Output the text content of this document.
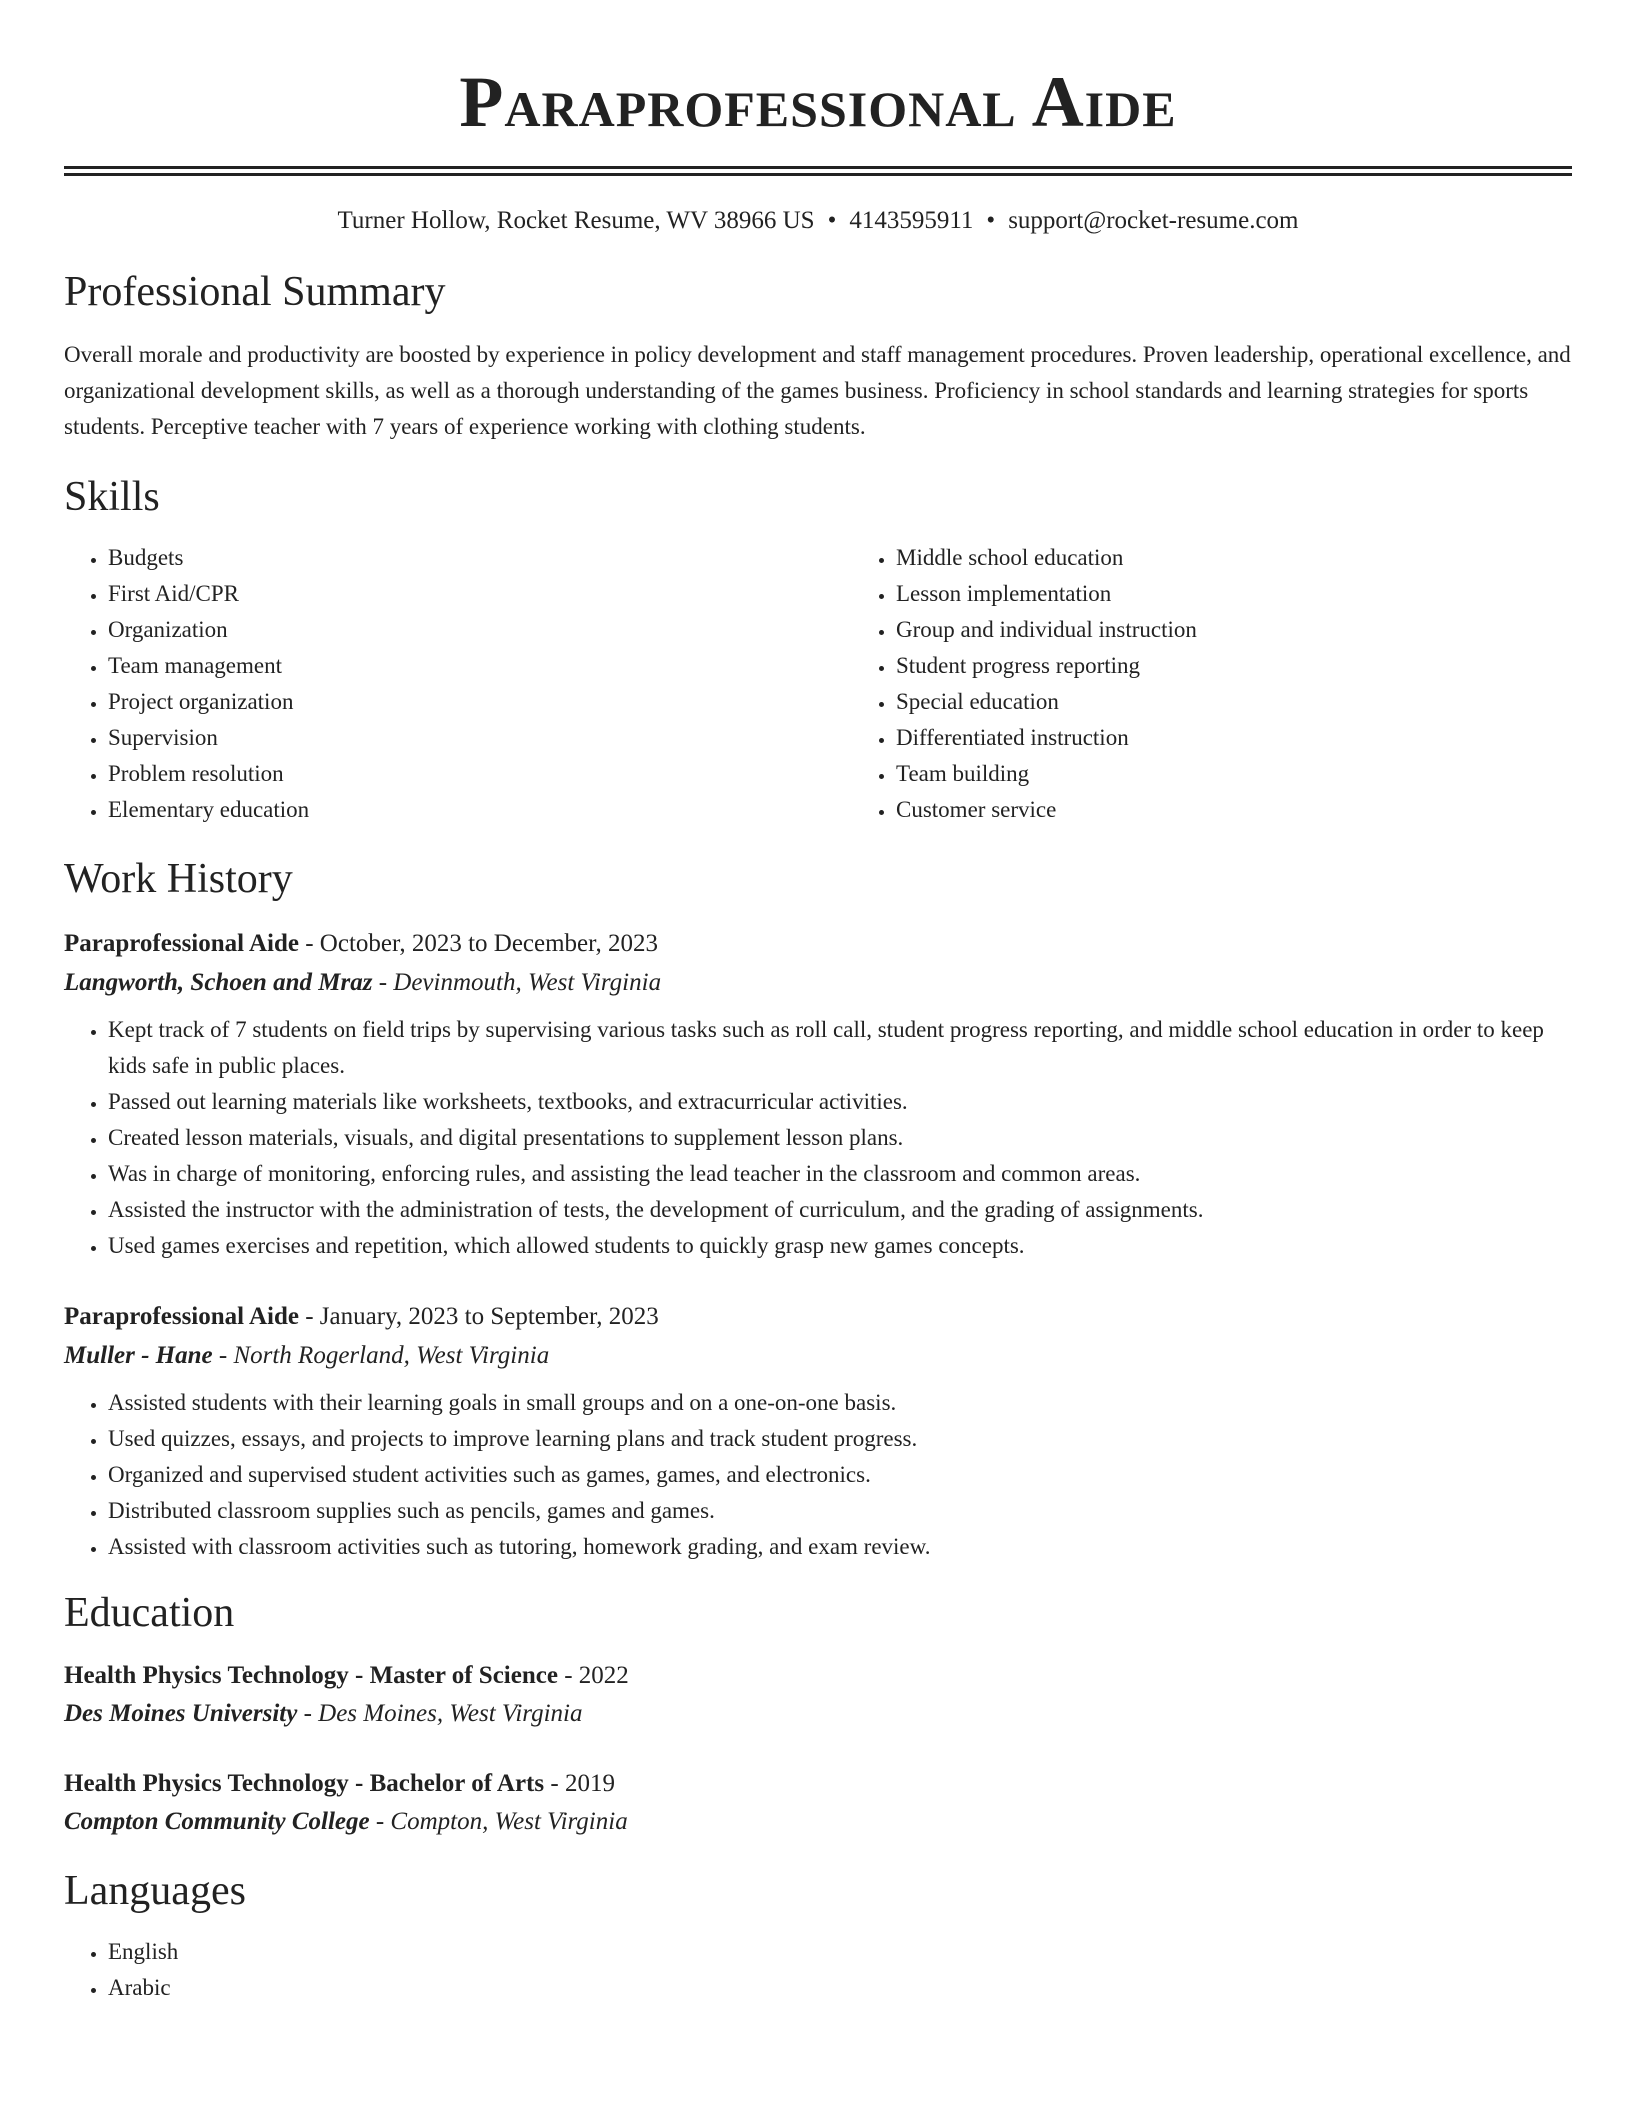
Paraprofessional Aide
Turner Hollow, Rocket Resume, WV 38966 US • 4143595911 • support@rocket-resume.com
Professional Summary

Overall morale and productivity are boosted by experience in policy development and staff management procedures. Proven leadership, operational excellence, and organizational development skills, as well as a thorough understanding of the games business. Proficiency in school standards and learning strategies for sports students. Perceptive teacher with 7 years of experience working with clothing students.

Skills
• Budgets
• First Aid/CPR
• Organization
• Team management
• Project organization
• Supervision
• Problem resolution
• Elementary education
• Middle school education
• Lesson implementation
• Group and individual instruction
• Student progress reporting
• Special education
• Differentiated instruction
• Team building
• Customer service
Work History
Paraprofessional Aide - October, 2023 to December, 2023
Langworth, Schoen and Mraz - Devinmouth, West Virginia
• Kept track of 7 students on field trips by supervising various tasks such as roll call, student progress reporting, and middle school education in order to keep kids safe in public places.
• Passed out learning materials like worksheets, textbooks, and extracurricular activities.
• Created lesson materials, visuals, and digital presentations to supplement lesson plans.
• Was in charge of monitoring, enforcing rules, and assisting the lead teacher in the classroom and common areas.
• Assisted the instructor with the administration of tests, the development of curriculum, and the grading of assignments.
• Used games exercises and repetition, which allowed students to quickly grasp new games concepts.
Paraprofessional Aide - January, 2023 to September, 2023
Muller - Hane - North Rogerland, West Virginia
• Assisted students with their learning goals in small groups and on a one-on-one basis.
• Used quizzes, essays, and projects to improve learning plans and track student progress.
• Organized and supervised student activities such as games, games, and electronics.
• Distributed classroom supplies such as pencils, games and games.
• Assisted with classroom activities such as tutoring, homework grading, and exam review.
Education
Health Physics Technology - Master of Science - 2022
Des Moines University - Des Moines, West Virginia
Health Physics Technology - Bachelor of Arts - 2019
Compton Community College - Compton, West Virginia
Languages
• English
• Arabic
